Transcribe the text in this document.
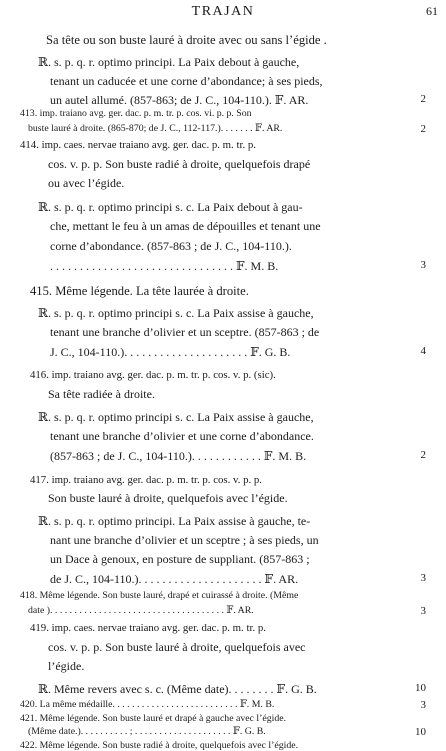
TRAJAN	61
Sa tête ou son buste lauré à droite avec ou sans l’égide .
ℝ. s. p. q. r. optimo principi. La Paix debout à gauche,
tenant un caducée et une corne d’abondance; à ses pieds,
un autel allumé. (857-863; de J. C., 104-110.). 𝔽. AR.
413. imp. traiano avg. ger. dac. p. m. tr. p. cos. vi. p. p. Son
buste lauré à droite. (865-870; de J. C., 112-117.). . . . . . . 𝔽. AR.
414. imp. caes. nervae traiano avg. ger. dac. p. m. tr. p.
cos. v. p. p. Son buste radié à droite, quelquefois drapé
ou avec l’égide.
ℝ. s. p. q. r. optimo principi s. c. La Paix debout à gau-
che, mettant le feu à un amas de dépouilles et tenant une
corne d’abondance. (857-863 ; de J. C., 104-110.).
. . . . . . . . . . . . . . . . . . . . . . . . . . . . . . . 𝔽. M. B.
415. Même légende. La tête laurée à droite.
ℝ. s. p. q. r. optimo principi s. c. La Paix assise à gauche,
tenant une branche d’olivier et un sceptre. (857-863 ; de
J. C., 104-110.). . . . . . . . . . . . . . . . . . . . . 𝔽. G. B.
416. imp. traiano avg. ger. dac. p. m. tr. p. cos. v. p. (sic).
Sa tête radiée à droite.
ℝ. s. p. q. r. optimo principi s. c. La Paix assise à gauche,
tenant une branche d’olivier et une corne d’abondance.
(857-863 ; de J. C., 104-110.). . . . . . . . . . . . 𝔽. M. B.
417. imp. traiano avg. ger. dac. p. m. tr. p. cos. v. p. p.
Son buste lauré à droite, quelquefois avec l’égide.
ℝ. s. p. q. r. optimo principi. La Paix assise à gauche, te-
nant une branche d’olivier et un sceptre ; à ses pieds, un
un Dace à genoux, en posture de suppliant. (857-863 ;
de J. C., 104-110.). . . . . . . . . . . . . . . . . . . . . 𝔽. AR.
418. Même légende. Son buste lauré, drapé et cuirassé à droite. (Même
date ). . . . . . . . . . . . . . . . . . . . . . . . . . . . . . . . . . . . 𝔽. AR.
419. imp. caes. nervae traiano avg. ger. dac. p. m. tr. p.
cos. v. p. p. Son buste lauré à droite, quelquefois avec
l’égide.
ℝ. Même revers avec s. c. (Même date). . . . . . . . 𝔽. G. B.
420. La même médaille. . . . . . . . . . . . . . . . . . . . . . . . . . 𝔽. M. B.
421. Même légende. Son buste lauré et drapé à gauche avec l’égide.
(Même date.). . . . . . . . . . ; . . . . . . . . . . . . . . . . . . . . 𝔽. G. B.
422. Même légende. Son buste radié à droite, quelquefois avec l’égide.
2
2
3
4
2
3
3
10
3
10
